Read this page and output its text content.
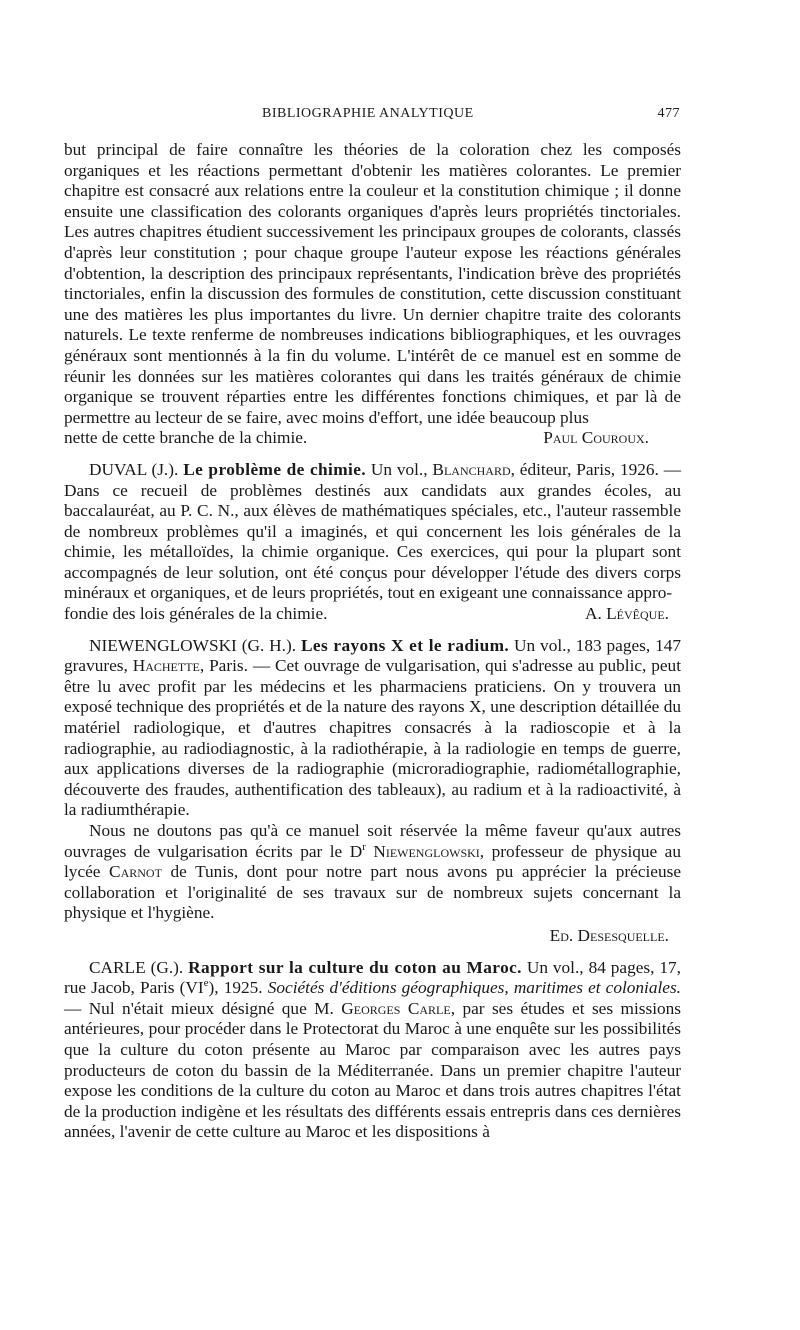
BIBLIOGRAPHIE ANALYTIQUE	477

but principal de faire connaître les théories de la coloration chez les composés organiques et les réactions permettant d'obtenir les matières colorantes. Le premier chapitre est consacré aux relations entre la couleur et la constitution chimique ; il donne ensuite une classification des colorants organiques d'après leurs propriétés tinctoriales. Les autres chapitres étudient successivement les principaux groupes de colorants, classés d'après leur constitution ; pour chaque groupe l'auteur expose les réactions générales d'obtention, la description des principaux représentants, l'indication brève des propriétés tinctoriales, enfin la discussion des formules de constitution, cette discussion constituant une des matières les plus importantes du livre. Un dernier chapitre traite des colorants naturels. Le texte renferme de nombreuses indications bibliographiques, et les ouvrages généraux sont mentionnés à la fin du volume. L'intérêt de ce manuel est en somme de réunir les données sur les matières colorantes qui dans les traités généraux de chimie organique se trouvent réparties entre les différentes fonctions chimiques, et par là de permettre au lecteur de se faire, avec moins d'effort, une idée beaucoup plus

nette de cette branche de la chimie.	Paul Couroux.

DUVAL (J.). Le problème de chimie. Un vol., Blanchard, éditeur, Paris, 1926. — Dans ce recueil de problèmes destinés aux candidats aux grandes écoles, au baccalauréat, au P. C. N., aux élèves de mathématiques spéciales, etc., l'auteur rassemble de nombreux problèmes qu'il a imaginés, et qui concernent les lois générales de la chimie, les métalloïdes, la chimie organique. Ces exercices, qui pour la plupart sont accompagnés de leur solution, ont été conçus pour développer l'étude des divers corps minéraux et organiques, et de leurs propriétés, tout en exigeant une connaissance appro-

fondie des lois générales de la chimie.	A. Lévêque.

NIEWENGLOWSKI (G. H.). Les rayons X et le radium. Un vol., 183 pages, 147 gravures, Hachette, Paris. — Cet ouvrage de vulgarisation, qui s'adresse au public, peut être lu avec profit par les médecins et les pharmaciens praticiens. On y trouvera un exposé technique des propriétés et de la nature des rayons X, une description détaillée du matériel radiologique, et d'autres chapitres consacrés à la radioscopie et à la radiographie, au radiodiagnostic, à la radiothérapie, à la radiologie en temps de guerre, aux applications diverses de la radiographie (microradiographie, radiométallographie, découverte des fraudes, authentification des tableaux), au radium et à la radioactivité, à la radiumthérapie.

Nous ne doutons pas qu'à ce manuel soit réservée la même faveur qu'aux autres ouvrages de vulgarisation écrits par le $D^r$ Niewenglowski, professeur de physique au lycée Carnot de Tunis, dont pour notre part nous avons pu apprécier la précieuse collaboration et l'originalité de ses travaux sur de nombreux sujets concernant la physique et l'hygiène.

Ed. Desesquelle.

CARLE (G.). Rapport sur la culture du coton au Maroc. Un vol., 84 pages, 17, rue Jacob, Paris (VIe), 1925. Sociétés d'éditions géographiques, maritimes et coloniales. — Nul n'était mieux désigné que M. Georges Carle, par ses études et ses missions antérieures, pour procéder dans le Protectorat du Maroc à une enquête sur les possibilités que la culture du coton présente au Maroc par comparaison avec les autres pays producteurs de coton du bassin de la Méditerranée. Dans un premier chapitre l'auteur expose les conditions de la culture du coton au Maroc et dans trois autres chapitres l'état de la production indigène et les résultats des différents essais entrepris dans ces dernières années, l'avenir de cette culture au Maroc et les dispositions à
